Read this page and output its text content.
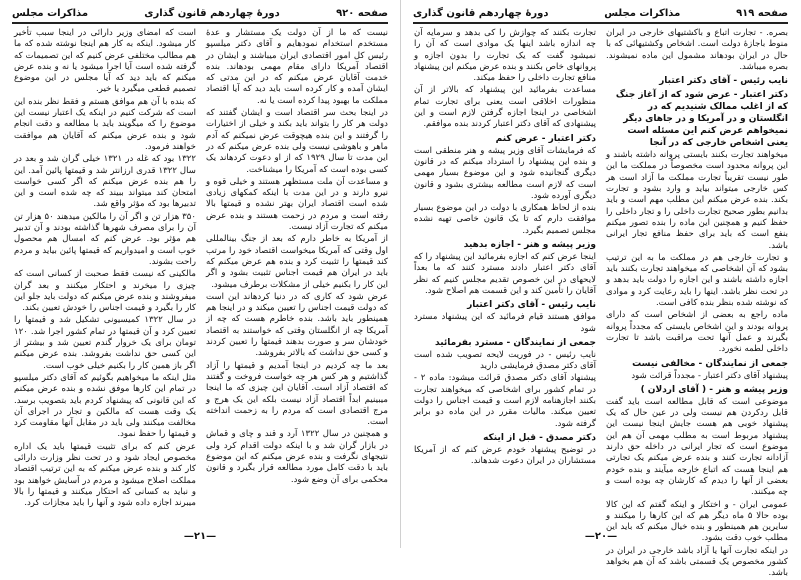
دورهٔ چهاردهم قانون گذاری	مذاکرات مجلس	صفحه ۹۱۹

بصره. - تجارت اتباع و باکشتیهای خارجی در ایران منوط باجازهٔ دولت است. اشخاص وکشتیهائی که با حال در ایران بودهاند مشمول این ماده نمیشوند. بصره میباشد.

نایب رئیس - آقای دکتر اعتبار

دکتر اعتبار - عرض شود که از آغاز جنگ که از اغلب ممالک شنیدیم که در انگلستان و در آمریکا و در جاهای دیگر نمیخواهم عرض کنم این مسئله است یعنی اشخاص خارجی که در آنجا

میخواهند تجارت بکنند بایستی پروانه داشته باشند و این پروانه محدود است مخصوصاً در مملکت ما این طور نیست تقریباً تجارت مملکت ما آزاد است هر کس خارجی میتواند بیاید و وارد بشود و تجارت بکند. بنده عرض میکنم این مطلب مهم است و باید بدانیم بطور صحیح تجارت داخلی را و تجار داخلی را حفظ کنیم و همچنین این ماده را بنده تصور میکنم بنفع است که باید برای حفظ منافع تجار ایرانی باشد.

و تجارت خارجی هم در مملکت ما به این ترتیب بشود که آن اشخاصی که میخواهند تجارت بکنند باید اجازه داشته باشند و این اجازه را دولت باید بدهد و در تحت نظر باشد. اینها را باید رعایت کرد و موادی که نوشته شده بنظر بنده کافی است.

ماده راجع به بعضی از اشخاص است که دارای پروانه بودند و این اشخاص بایستی که مجدداً پروانه بگیرند و عمل آنها تحت مراقبت باشد تا تجارت داخلی لطمه نخورد.

جمعی از نمایندگان - مخالفی نیست

پیشنهاد آقای دکتر اعتبار - مجدداً قرائت شود

وزیر پیشه و هنر - ( آقای اردلان )

موضوعی است که قابل مطالعه است باید گفت قابل ردکردن هم نیست ولی در عین حال که یک پیشنهاد خوبی هم هست جایش اینجا نیست این پیشنهاد مربوط است به مطلب مهمی آن هم این موضوع است که تجار ایرانی در داخله حق دارند آزادانه تجارت کنند و بنده عرض میکنم یک تجارتی هم اینجا هست که اتباع خارجه میآیند و بنده خودم بعضی از آنها را دیدم که کارشان چه بوده است و چه میکنند.

عمومی ایران - و اختکار و اینکه گفتم که این کالا بوده حالا ۵ ماه دیگر هم که این کارها را میکنند و سایرین هم همینطور و بنده خیال میکنم که باید این مطلب خوب دقت بشود.

در اینکه تجارت آنها یا آزاد باشد خارجی در ایران در کشور مخصوص یک قسمتی باشد که آن هم بخواهد باشد.

تجارت بکنند که چوازش را کی بدهد و سرمایه آن چه اندازه باشد اینها یک موادی است که آن را نمیشود گفت که یک تجارت را بدون اجازه و پروانهای خاص بکنند و بنده عرض میکنم این پیشنهاد منافع تجارت داخلی را حفظ میکند.

مساعدت بفرمائید این پیشنهاد که بالاتر از آن منظورات اخلاقی است یعنی برای تجارت تمام اشخاصی در اینجا اجازه گرفتن لازم است و این پیشنهادی که آقای دکتر اعتبار کردند بنده موافقم.

دکتر اعتبار - عرض کنم

که فرمایشات آقای وزیر پیشه و هنر منطقی است و بنده این پیشنهاد را استرداد میکنم که در قانون دیگری گنجانیده شود و این موضوع بسیار مهمی است که لازم است مطالعه بیشتری بشود و قانون دیگری آورده شود.

بنده از لحاظ همکاری با دولت در این موضوع بسیار موافقت دارم که تا یک قانون خاصی تهیه نشده مجلس تصمیم بگیرد.

وزیر پیشه و هنر - اجازه بدهید

اینجا عرض کنم که اجازه بفرمائید این پیشنهاد را که آقای دکتر اعتبار دادند مسترد کنند که ما بعداً لایحهای در این خصوص تقدیم مجلس کنیم که نظر آقایان را تأمین کند و این قسمت هم اصلاح شود.

نایب رئیس - آقای دکتر اعتبار

موافق هستند قیام فرمائید که این پیشنهاد مسترد شود

جمعی از نمایندگان - مسترد بفرمائید

نایب رئیس - در فوریت لایحه تصویب شده است آقای دکتر مصدق فرمایشی دارید

پیشنهاد آقای دکتر مصدق قرائت میشود: ماده ۲ - در تمام کشور برای اشخاصی که میخواهند تجارت بکنند اجازهنامه لازم است و قیمت اجناس را دولت تعیین میکند. مالیات مقرر در این ماده دو برابر گرفته شود.

دکتر مصدق - قبل از اینکه

در توضیح پیشنهاد خودم عرض کنم که از آمریکا مستشاران در ایران دعوت شدهاند.

—۲۰—
مذاکرات مجلس	دورهٔ چهاردهم قانون گذاری	صفحه ۹۲۰

نیست که ما از آن دولت یک مستشار و عدهٔ مستخدم استخدام نمودهایم و آقای دکتر میلسپو رئیس کل امور اقتصادی ایران میباشند و ایشان در اقتصاد آمریکا دارای مقام مهمی بودهاند. بنده خدمت آقایان عرض میکنم که در این مدتی که ایشان آمده و کار کرده است باید دید که آیا اقتصاد مملکت ما بهبود پیدا کرده است یا نه.

در اینجا بحث سر اقتصاد است و ایشان گفتند که دولت هر کار را بتواند باید بکند و خیلی از اختیارات را گرفتند و این بنده هیچوقت عرض نمیکنم که آدم ماهر و باهوشی نیست ولی بنده عرض میکنم که در این مدت تا سال ۱۹۲۹ که از او دعوت کردهاند یک کسی بوده است که آمریکا را میشناخت.

و مساعدت آن ملت مستظهر هستند و خیلی قوه و نیرو دارند و در این مدت با اینکه کمکهای زیادی شده است اقتصاد ایران بهتر نشده و قیمتها بالا رفته است و مردم در زحمت هستند و بنده عرض میکنم که تجارت آزاد نیست.

از آمریکا به خاطر دارم که بعد از جنگ بینالمللی اول وقتی که آمریکا میخواست اقتصاد خود را مرتب کند قیمتها را تثبیت کرد و بنده هم عرض میکنم که باید در ایران هم قیمت اجناس تثبیت بشود و اگر این کار را بکنیم خیلی از مشکلات برطرف میشود.

عرض شود که کاری که در دنیا کردهاند این است که دولت قیمت اجناس را تعیین میکند و در اینجا هم همینطور باید باشد. بنده خاطرم هست که چه از آمریکا چه از انگلستان وقتی که خواستند به اقتصاد خودشان سر و صورت بدهند قیمتها را تعیین کردند و کسی حق نداشت که بالاتر بفروشد.

بعد ما چه کردیم در اینجا آمدیم و قیمتها را آزاد گذاشتیم و هر کس هر چه خواست فروخت و گفتند که اقتصاد آزاد است. آقایان این چیزی که ما اینجا میبینیم ابداً اقتصاد آزاد نیست بلکه این یک هرج و مرج اقتصادی است که مردم را به زحمت انداخته است.

و همچنین در سال ۱۳۲۲ آرد و قند و چای و قماش در بازار گران شد و با اینکه دولت اقدام کرد ولی نتیجهای نگرفت و بنده عرض میکنم که این موضوع باید با دقت کامل مورد مطالعه قرار بگیرد و قانون محکمی برای آن وضع شود.

است که امضای وزیر دارائی در اینجا سبب تأخیر کار میشود. اینکه به کار هم اینجا نوشته شده که ما هم مطالب مختلفی عرض کنیم که این تصمیمات که گرفته شده است آیا اجرا میشود یا نه و بنده عرض میکنم که باید دید که آیا مجلس در این موضوع تصمیم قطعی میگیرد یا خیر.

که بنده با آن هم موافق هستم و فقط نظر بنده این است که شرکت کنیم در اینکه یک اعتبار نیست این موضوع را که میگویند باید با مطالعه و دقت انجام شود و بنده عرض میکنم که آقایان هم موافقت خواهند فرمود.

۱۳۲۲ بود که غله در ۱۳۲۱ خیلی گران شد و بعد در سال ۱۳۲۲ قدری ارزانتر شد و قیمتها پائین آمد. این را هم بنده عرض میکنم که اگر کسی خواست امتحان کند میتواند ببیند که چه شده است و این تدبیرها بود که مؤثر واقع شد.

۳۵۰ هزار تن و اگر آن را مالکین میدهند ۵۰ هزار تن آن را برای مصرف شهرها گذاشته بودند و آن تدبیر هم مؤثر بود. عرض کنم که امسال هم محصول خوب است و امیدواریم که قیمتها پائین بیاید و مردم راحت بشوند.

مالکینی که نیست فقط صحبت از کسانی است که چیزی را میخرند و احتکار میکنند و بعد گران میفروشند و بنده عرض میکنم که دولت باید جلو این کار را بگیرد و قیمت اجناس را خودش تعیین بکند.

در سال ۱۳۲۲ کمیسیونی تشکیل شد و قیمتها را تعیین کرد و آن قیمتها در تمام کشور اجرا شد. ۱۲۰ تومان برای یک خروار گندم تعیین شد و بیشتر از این کسی حق نداشت بفروشد. بنده عرض میکنم اگر باز همین کار را بکنیم خیلی خوب است.

مثل اینکه ما میخواهیم بگوئیم که آقای دکتر میلسپو در تمام این کارها موفق نشده و بنده عرض میکنم که این قانونی که پیشنهاد کردم باید بتصویب برسد. یک وقت هست که مالکین و تجار در اجرای آن مخالفت میکنند ولی باید در مقابل آنها مقاومت کرد و قیمتها را حفظ نمود.

عرض کنم که برای تثبیت قیمتها باید یک اداره مخصوص ایجاد شود و در تحت نظر وزارت دارائی کار کند و بنده عرض میکنم که به این ترتیب اقتصاد مملکت اصلاح میشود و مردم در آسایش خواهند بود و نباید به کسانی که احتکار میکنند و قیمتها را بالا میبرند اجازه داده شود و آنها را باید مجازات کرد.

—۲۱—
